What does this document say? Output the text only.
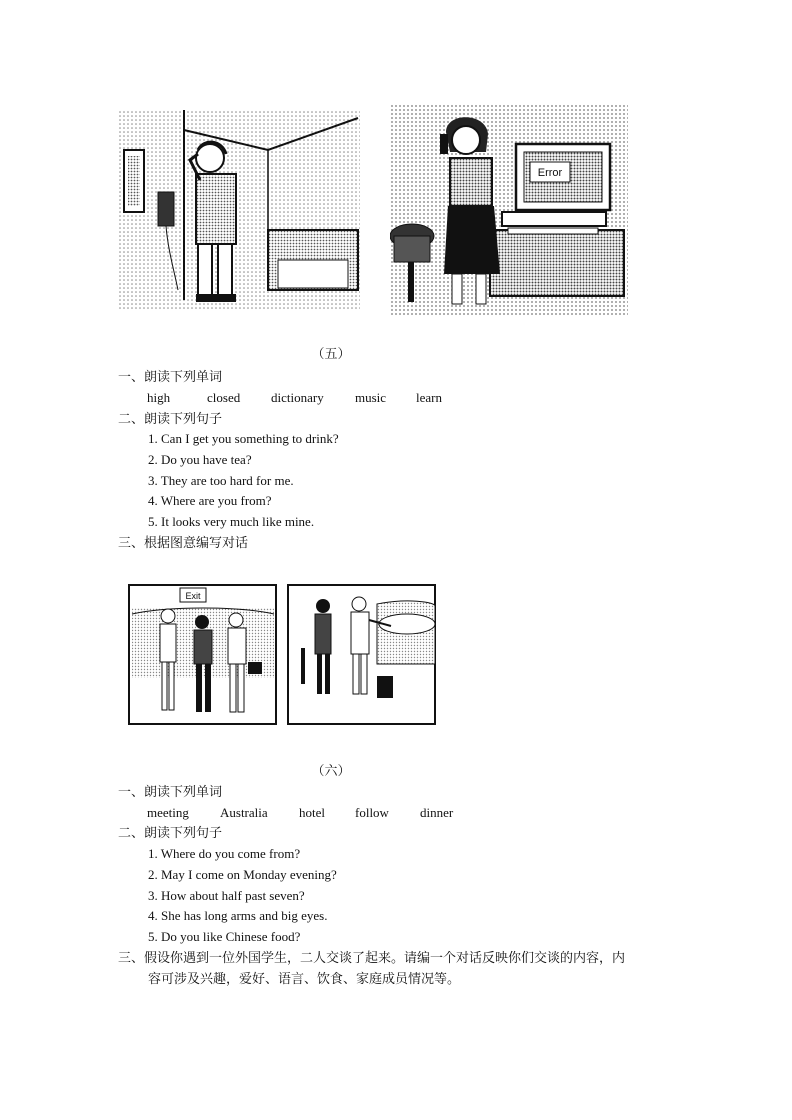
Error
（五）
一、朗读下列单词
high	closed dictionary music learn
二、朗读下列句子
1. Can I get you something to drink?
2. Do you have tea?
3. They are too hard for me.
4. Where are you from?
5. It looks very much like mine.
三、根据图意编写对话
Exit
（六）
一、朗读下列单词
meeting Australia hotel follow dinner
二、朗读下列句子
1. Where do you come from?
2. May I come on Monday evening?
3. How about half past seven?
4. She has long arms and big eyes.
5. Do you like Chinese food?
三、假设你遇到一位外国学生，二人交谈了起来。请编一个对话反映你们交谈的内容，内
容可涉及兴趣，爱好、语言、饮食、家庭成员情况等。
